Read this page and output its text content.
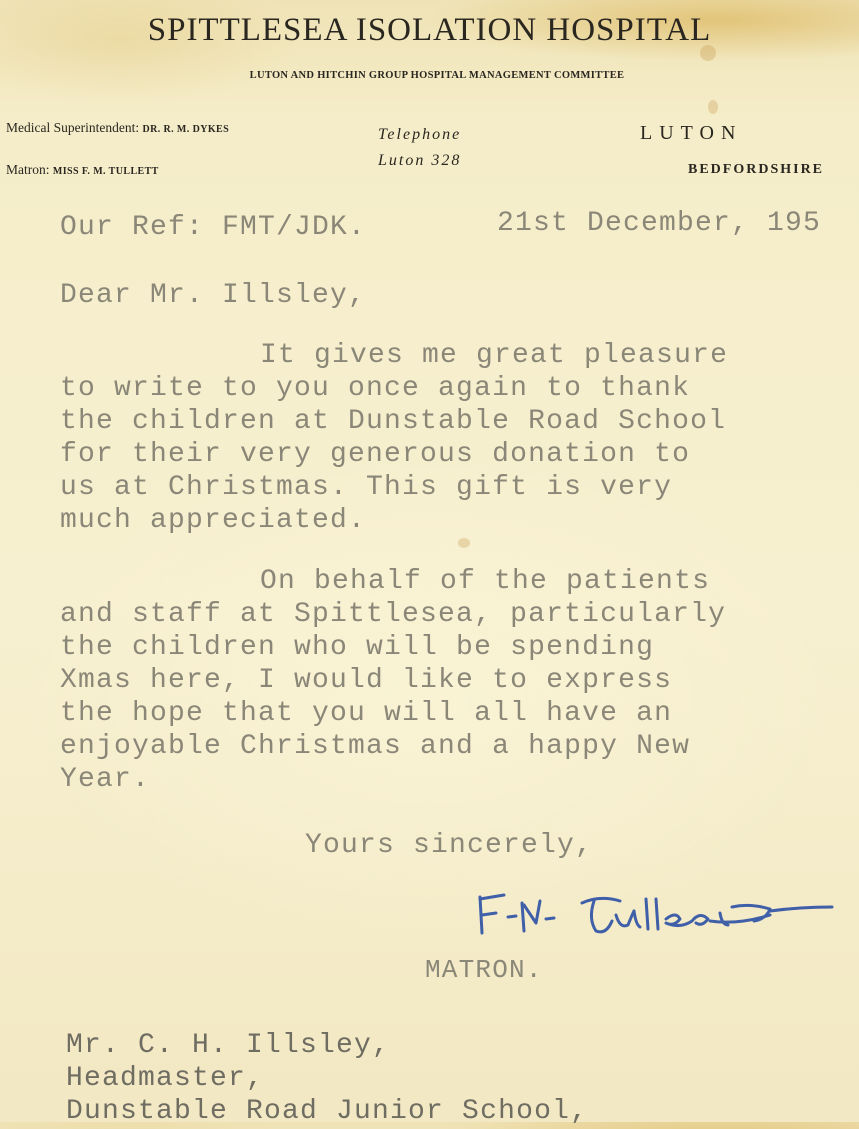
SPITTLESEA ISOLATION HOSPITAL
LUTON AND HITCHIN GROUP HOSPITAL MANAGEMENT COMMITTEE
Medical Superintendent: DR. R. M. DYKES
Matron: MISS F. M. TULLETT
Telephone
Luton 328
LUTON
BEDFORDSHIRE
Our Ref: FMT/JDK.	21st December, 195
Dear Mr. Illsley,
It gives me great pleasure
to write to you once again to thank
the children at Dunstable Road School
for their very generous donation to
us at Christmas. This gift is very
much appreciated.
On behalf of the patients
and staff at Spittlesea, particularly
the children who will be spending
Xmas here, I would like to express
the hope that you will all have an
enjoyable Christmas and a happy New
Year.
Yours sincerely,
MATRON.
Mr. C. H. Illsley,
Headmaster,
Dunstable Road Junior School,
